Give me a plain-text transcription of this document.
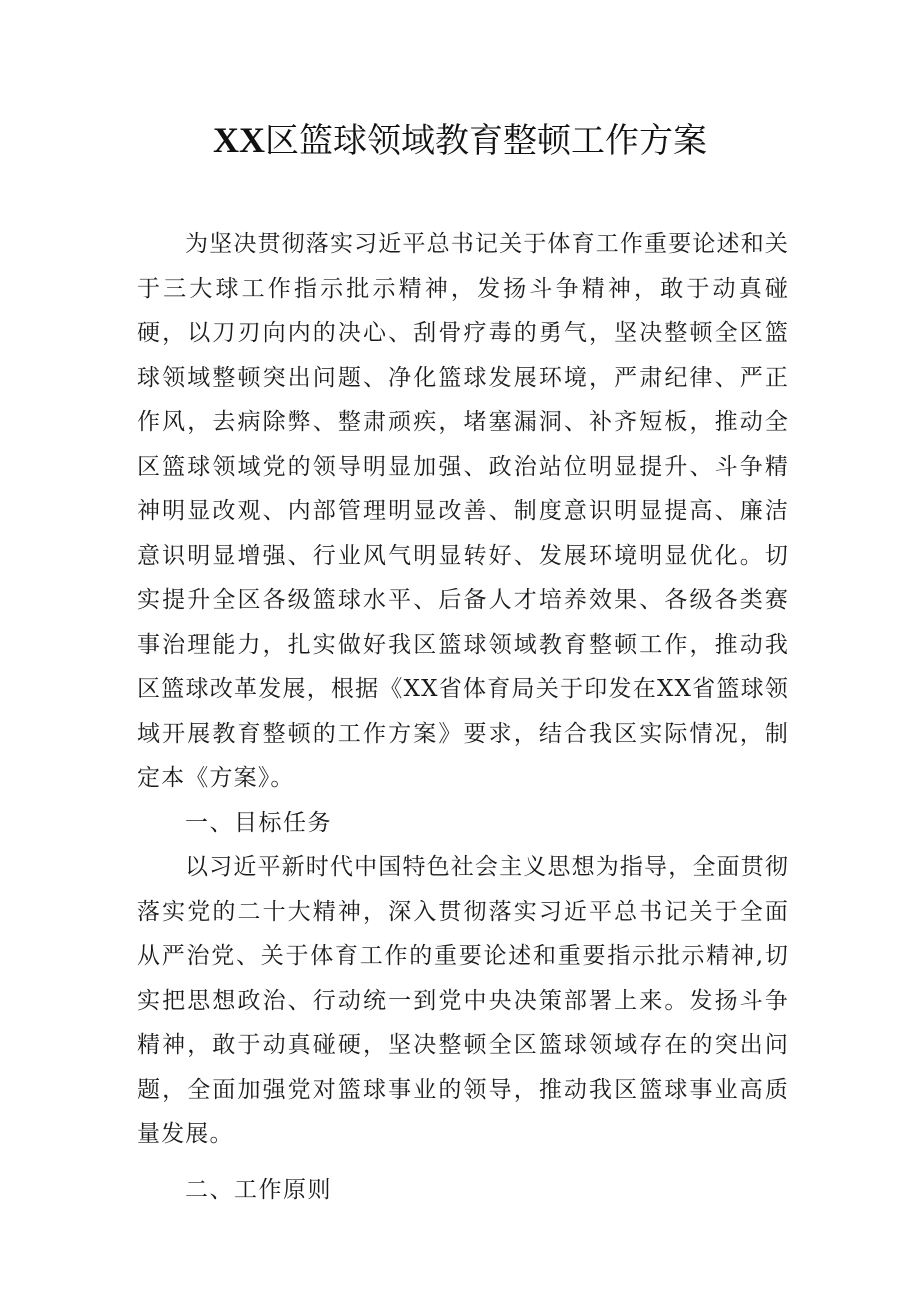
XX区篮球领域教育整顿工作方案

为坚决贯彻落实习近平总书记关于体育工作重要论述和关于三大球工作指示批示精神，发扬斗争精神，敢于动真碰硬，以刀刃向内的决心、刮骨疗毒的勇气，坚决整顿全区篮球领域整顿突出问题、净化篮球发展环境，严肃纪律、严正作风，去病除弊、整肃顽疾，堵塞漏洞、补齐短板，推动全区篮球领域党的领导明显加强、政治站位明显提升、斗争精神明显改观、内部管理明显改善、制度意识明显提高、廉洁意识明显增强、行业风气明显转好、发展环境明显优化。切实提升全区各级篮球水平、后备人才培养效果、各级各类赛事治理能力，扎实做好我区篮球领域教育整顿工作，推动我区篮球改革发展，根据《XX省体育局关于印发在XX省篮球领域开展教育整顿的工作方案》要求，结合我区实际情况，制定本《方案》。

一、目标任务

以习近平新时代中国特色社会主义思想为指导，全面贯彻落实党的二十大精神，深入贯彻落实习近平总书记关于全面从严治党、关于体育工作的重要论述和重要指示批示精神,切实把思想政治、行动统一到党中央决策部署上来。发扬斗争精神，敢于动真碰硬，坚决整顿全区篮球领域存在的突出问题，全面加强党对篮球事业的领导，推动我区篮球事业高质量发展。

二、工作原则
